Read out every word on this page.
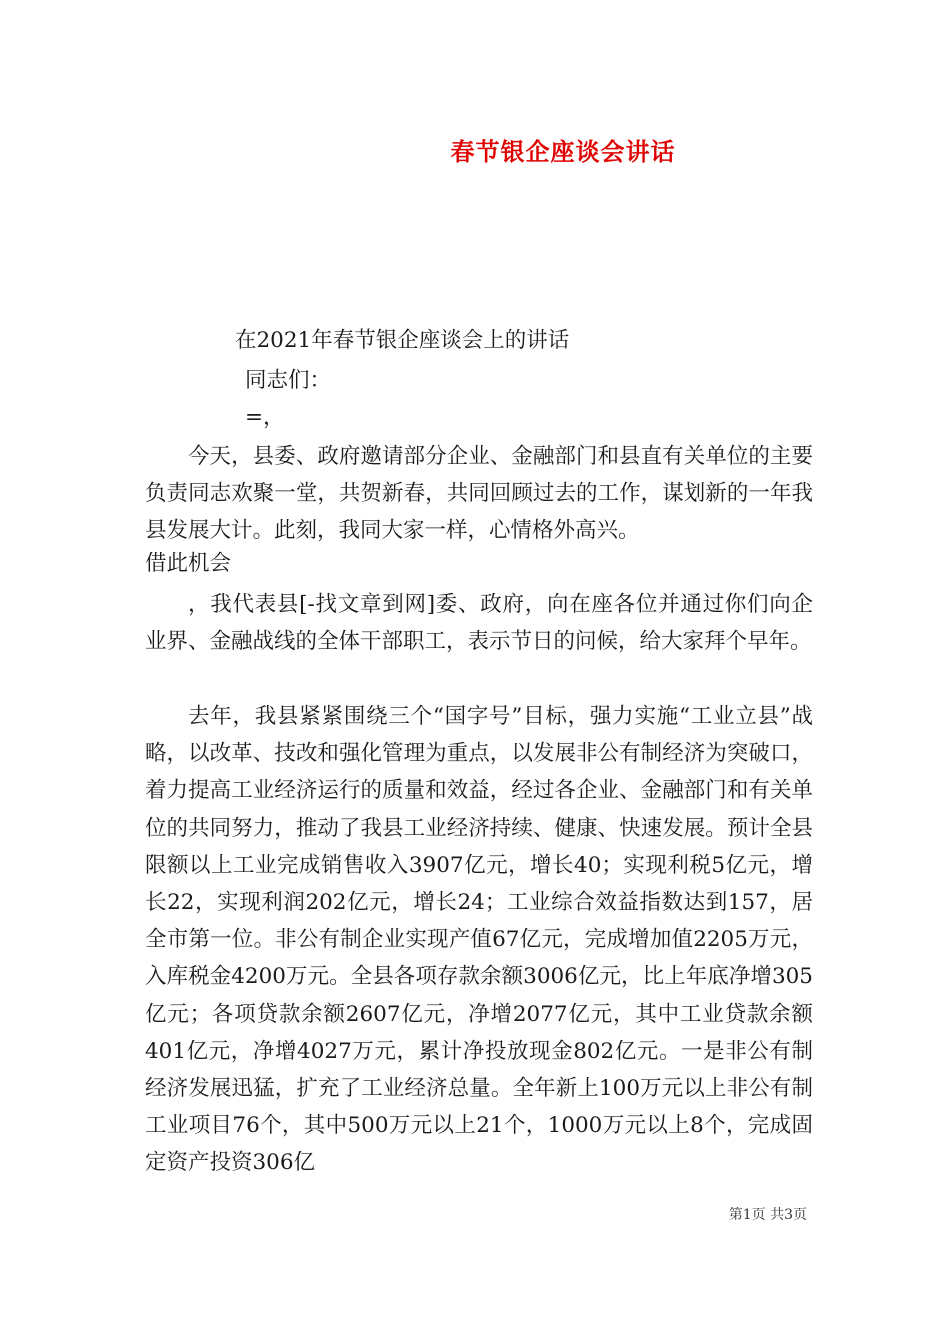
春节银企座谈会讲话

在2021年春节银企座谈会上的讲话

同志们：

=，

今天，县委、政府邀请部分企业、金融部门和县直有关单位的主要负责同志欢聚一堂，共贺新春，共同回顾过去的工作，谋划新的一年我县发展大计。此刻，我同大家一样，心情格外高兴。

借此机会

，我代表县[-找文章到网]委、政府，向在座各位并通过你们向企业界、金融战线的全体干部职工，表示节日的问候，给大家拜个早年。

去年，我县紧紧围绕三个“国字号”目标，强力实施“工业立县”战略，以改革、技改和强化管理为重点，以发展非公有制经济为突破口，着力提高工业经济运行的质量和效益，经过各企业、金融部门和有关单位的共同努力，推动了我县工业经济持续、健康、快速发展。预计全县限额以上工业完成销售收入3907亿元，增长40；实现利税5亿元，增长22，实现利润202亿元，增长24；工业综合效益指数达到157，居全市第一位。非公有制企业实现产值67亿元，完成增加值2205万元，入库税金4200万元。全县各项存款余额3006亿元，比上年底净增305亿元；各项贷款余额2607亿元，净增2077亿元，其中工业贷款余额401亿元，净增4027万元，累计净投放现金802亿元。一是非公有制经济发展迅猛，扩充了工业经济总量。全年新上100万元以上非公有制工业项目76个，其中500万元以上21个，1000万元以上8个，完成固定资产投资306亿

第1页 共3页
